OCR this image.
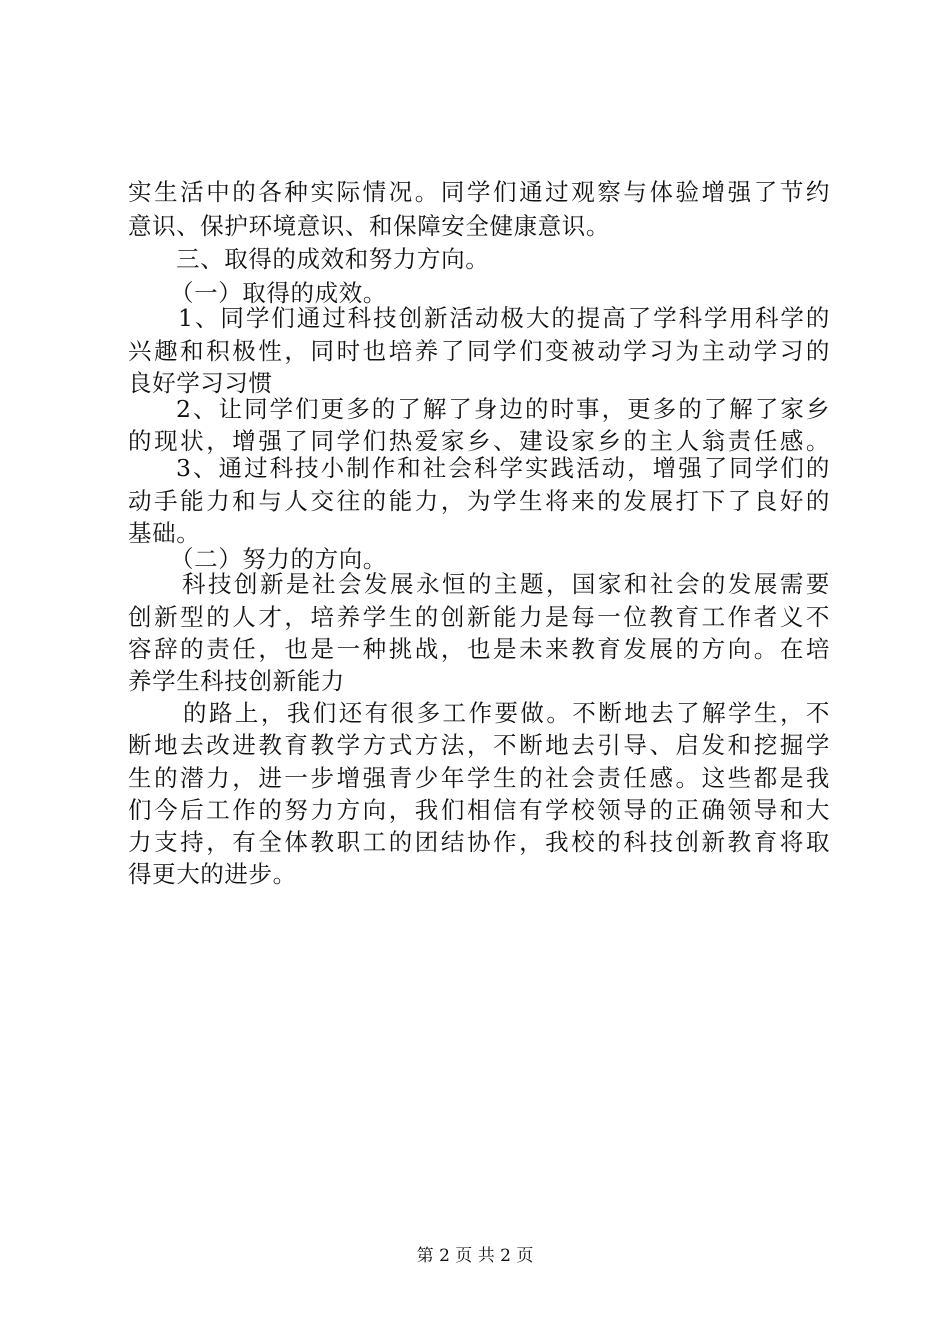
实生活中的各种实际情况。同学们通过观察与体验增强了节约
意识、保护环境意识、和保障安全健康意识。
三、取得的成效和努力方向。
（一）取得的成效。
1、同学们通过科技创新活动极大的提高了学科学用科学的
兴趣和积极性，同时也培养了同学们变被动学习为主动学习的
良好学习习惯
2、让同学们更多的了解了身边的时事，更多的了解了家乡
的现状，增强了同学们热爱家乡、建设家乡的主人翁责任感。
3、通过科技小制作和社会科学实践活动，增强了同学们的
动手能力和与人交往的能力，为学生将来的发展打下了良好的
基础。
（二）努力的方向。
科技创新是社会发展永恒的主题，国家和社会的发展需要
创新型的人才，培养学生的创新能力是每一位教育工作者义不
容辞的责任，也是一种挑战，也是未来教育发展的方向。在培
养学生科技创新能力
的路上，我们还有很多工作要做。不断地去了解学生，不
断地去改进教育教学方式方法，不断地去引导、启发和挖掘学
生的潜力，进一步增强青少年学生的社会责任感。这些都是我
们今后工作的努力方向，我们相信有学校领导的正确领导和大
力支持，有全体教职工的团结协作，我校的科技创新教育将取
得更大的进步。
第 2 页 共 2 页
